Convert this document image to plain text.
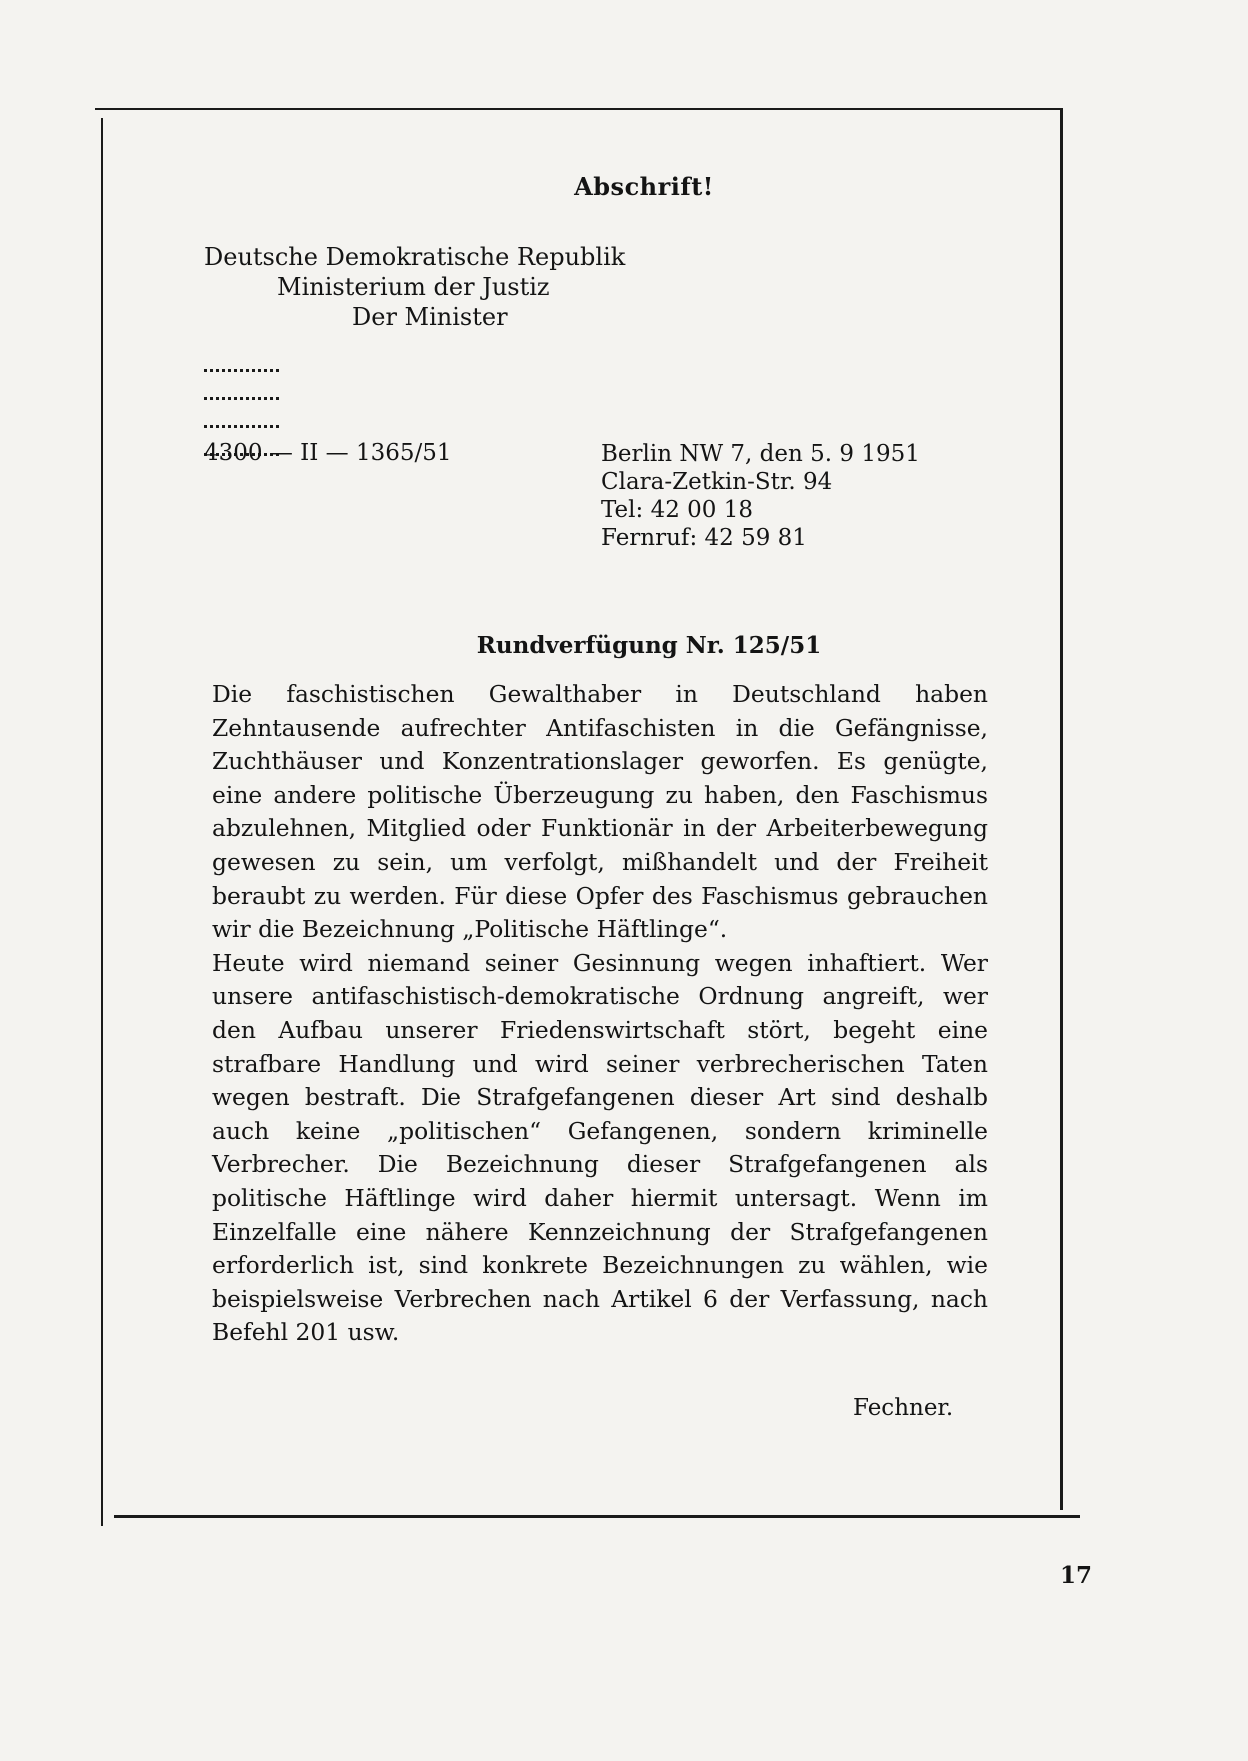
Abschrift!
Deutsche Demokratische Republik
Ministerium der Justiz
Der Minister
4300 — II — 1365/51	Berlin NW 7, den 5. 9 1951
Clara-Zetkin-Str. 94
Tel: 42 00 18
Fernruf: 42 59 81
Rundverfügung Nr. 125/51
Die faschistischen Gewalthaber in Deutschland haben Zehntausende aufrechter Antifaschisten in die Gefängnisse, Zuchthäuser und Konzentrationslager geworfen. Es genügte, eine andere politische Überzeugung zu haben, den Faschismus abzulehnen, Mitglied oder Funktionär in der Arbeiterbewegung gewesen zu sein, um verfolgt, mißhandelt und der Freiheit beraubt zu werden. Für diese Opfer des Faschismus gebrauchen wir die Bezeichnung „Politische Häftlinge“.
Heute wird niemand seiner Gesinnung wegen inhaftiert. Wer unsere antifaschistisch-demokratische Ordnung angreift, wer den Aufbau unserer Friedenswirtschaft stört, begeht eine strafbare Handlung und wird seiner verbrecherischen Taten wegen bestraft. Die Strafgefangenen dieser Art sind deshalb auch keine „politischen“ Gefangenen, sondern kriminelle Verbrecher. Die Bezeichnung dieser Strafgefangenen als politische Häftlinge wird daher hiermit untersagt. Wenn im Einzelfalle eine nähere Kennzeichnung der Strafgefangenen erforderlich ist, sind konkrete Bezeichnungen zu wählen, wie beispielsweise Verbrechen nach Artikel 6 der Verfassung, nach Befehl 201 usw.
Fechner.
17
